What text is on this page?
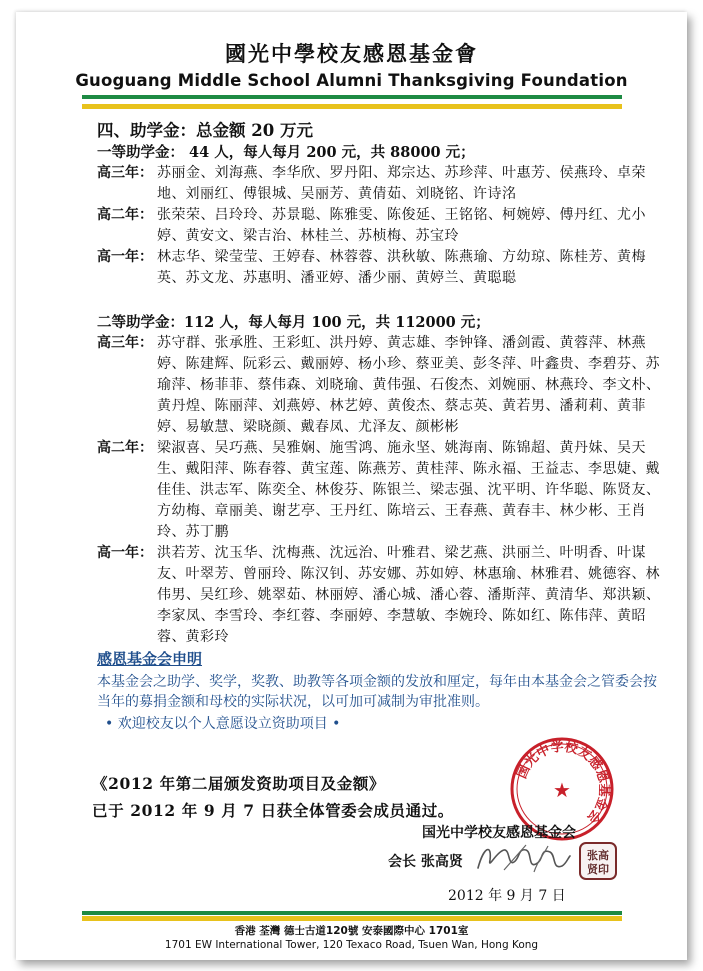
國光中學校友感恩基金會
Guoguang Middle School Alumni Thanksgiving Foundation
四、助学金：总金额 20 万元
一等助学金： 44 人，每人每月 200 元，共 88000 元；
高三年： 苏丽金、刘海燕、李华欣、罗丹阳、郑宗达、苏珍萍、叶惠芳、侯燕玲、卓荣地、刘丽红、傅银城、吴丽芳、黄倩茹、刘晓铭、许诗洺
高二年： 张荣荣、吕玲玲、苏景聪、陈雅雯、陈俊延、王铭铭、柯婉婷、傅丹红、尤小婷、黄安文、梁吉治、林桂兰、苏桢梅、苏宝玲
高一年： 林志华、梁莹莹、王婷春、林蓉蓉、洪秋敏、陈燕瑜、方幼琼、陈桂芳、黄梅英、苏文龙、苏惠明、潘亚婷、潘少丽、黄婷兰、黄聪聪
二等助学金：112 人，每人每月 100 元，共 112000 元；
高三年： 苏守群、张承胜、王彩虹、洪丹婷、黄志雄、李钟锋、潘剑霞、黄蓉萍、林燕婷、陈建辉、阮彩云、戴丽婷、杨小珍、蔡亚美、彭冬萍、叶鑫贵、李碧芬、苏瑜萍、杨菲菲、蔡伟森、刘晓瑜、黄伟强、石俊杰、刘婉丽、林燕玲、李文朴、黄丹煌、陈丽萍、刘燕婷、林艺婷、黄俊杰、蔡志英、黄若男、潘莉莉、黄菲婷、易敏慧、梁晓颜、戴春凤、尤泽友、颜彬彬
高二年： 梁淑喜、吴巧燕、吴雅娴、施雪鸿、施永坚、姚海南、陈锦超、黄丹妹、吴天生、戴阳萍、陈春蓉、黄宝莲、陈燕芳、黄桂萍、陈永福、王益志、李思婕、戴佳佳、洪志军、陈奕全、林俊芬、陈银兰、梁志强、沈平明、许华聪、陈贤友、方幼梅、章丽美、谢艺亭、王丹红、陈培云、王春燕、黄春丰、林少彬、王肖玲、苏丁鹏
高一年： 洪若芳、沈玉华、沈梅燕、沈远治、叶雅君、梁艺燕、洪丽兰、叶明香、叶谋友、叶翠芳、曾丽玲、陈汉钊、苏安娜、苏如婷、林惠瑜、林雅君、姚德容、林伟男、吴红珍、姚翠茹、林丽婷、潘心城、潘心蓉、潘斯萍、黄清华、郑洪颖、李家凤、李雪玲、李红蓉、李丽婷、李慧敏、李婉玲、陈如红、陈伟萍、黄昭蓉、黄彩玲
感恩基金会申明
本基金会之助学、奖学，奖教、助教等各项金额的发放和厘定，每年由本基金会之管委会按当年的募捐金额和母校的实际状况，以可加可减制为审批准则。
• 欢迎校友以个人意愿设立资助项目 •
《2012 年第二届颁发资助项目及金额》
已于 2012 年 9 月 7 日获全体管委会成员通过。
国光中学校友感恩基金会
★
国光中学校友感恩基金会
会长 张高贤	张高
贤印
2012 年 9 月 7 日
香港 荃灣 德士古道120號 安泰國際中心 1701室
1701 EW International Tower, 120 Texaco Road, Tsuen Wan, Hong Kong
